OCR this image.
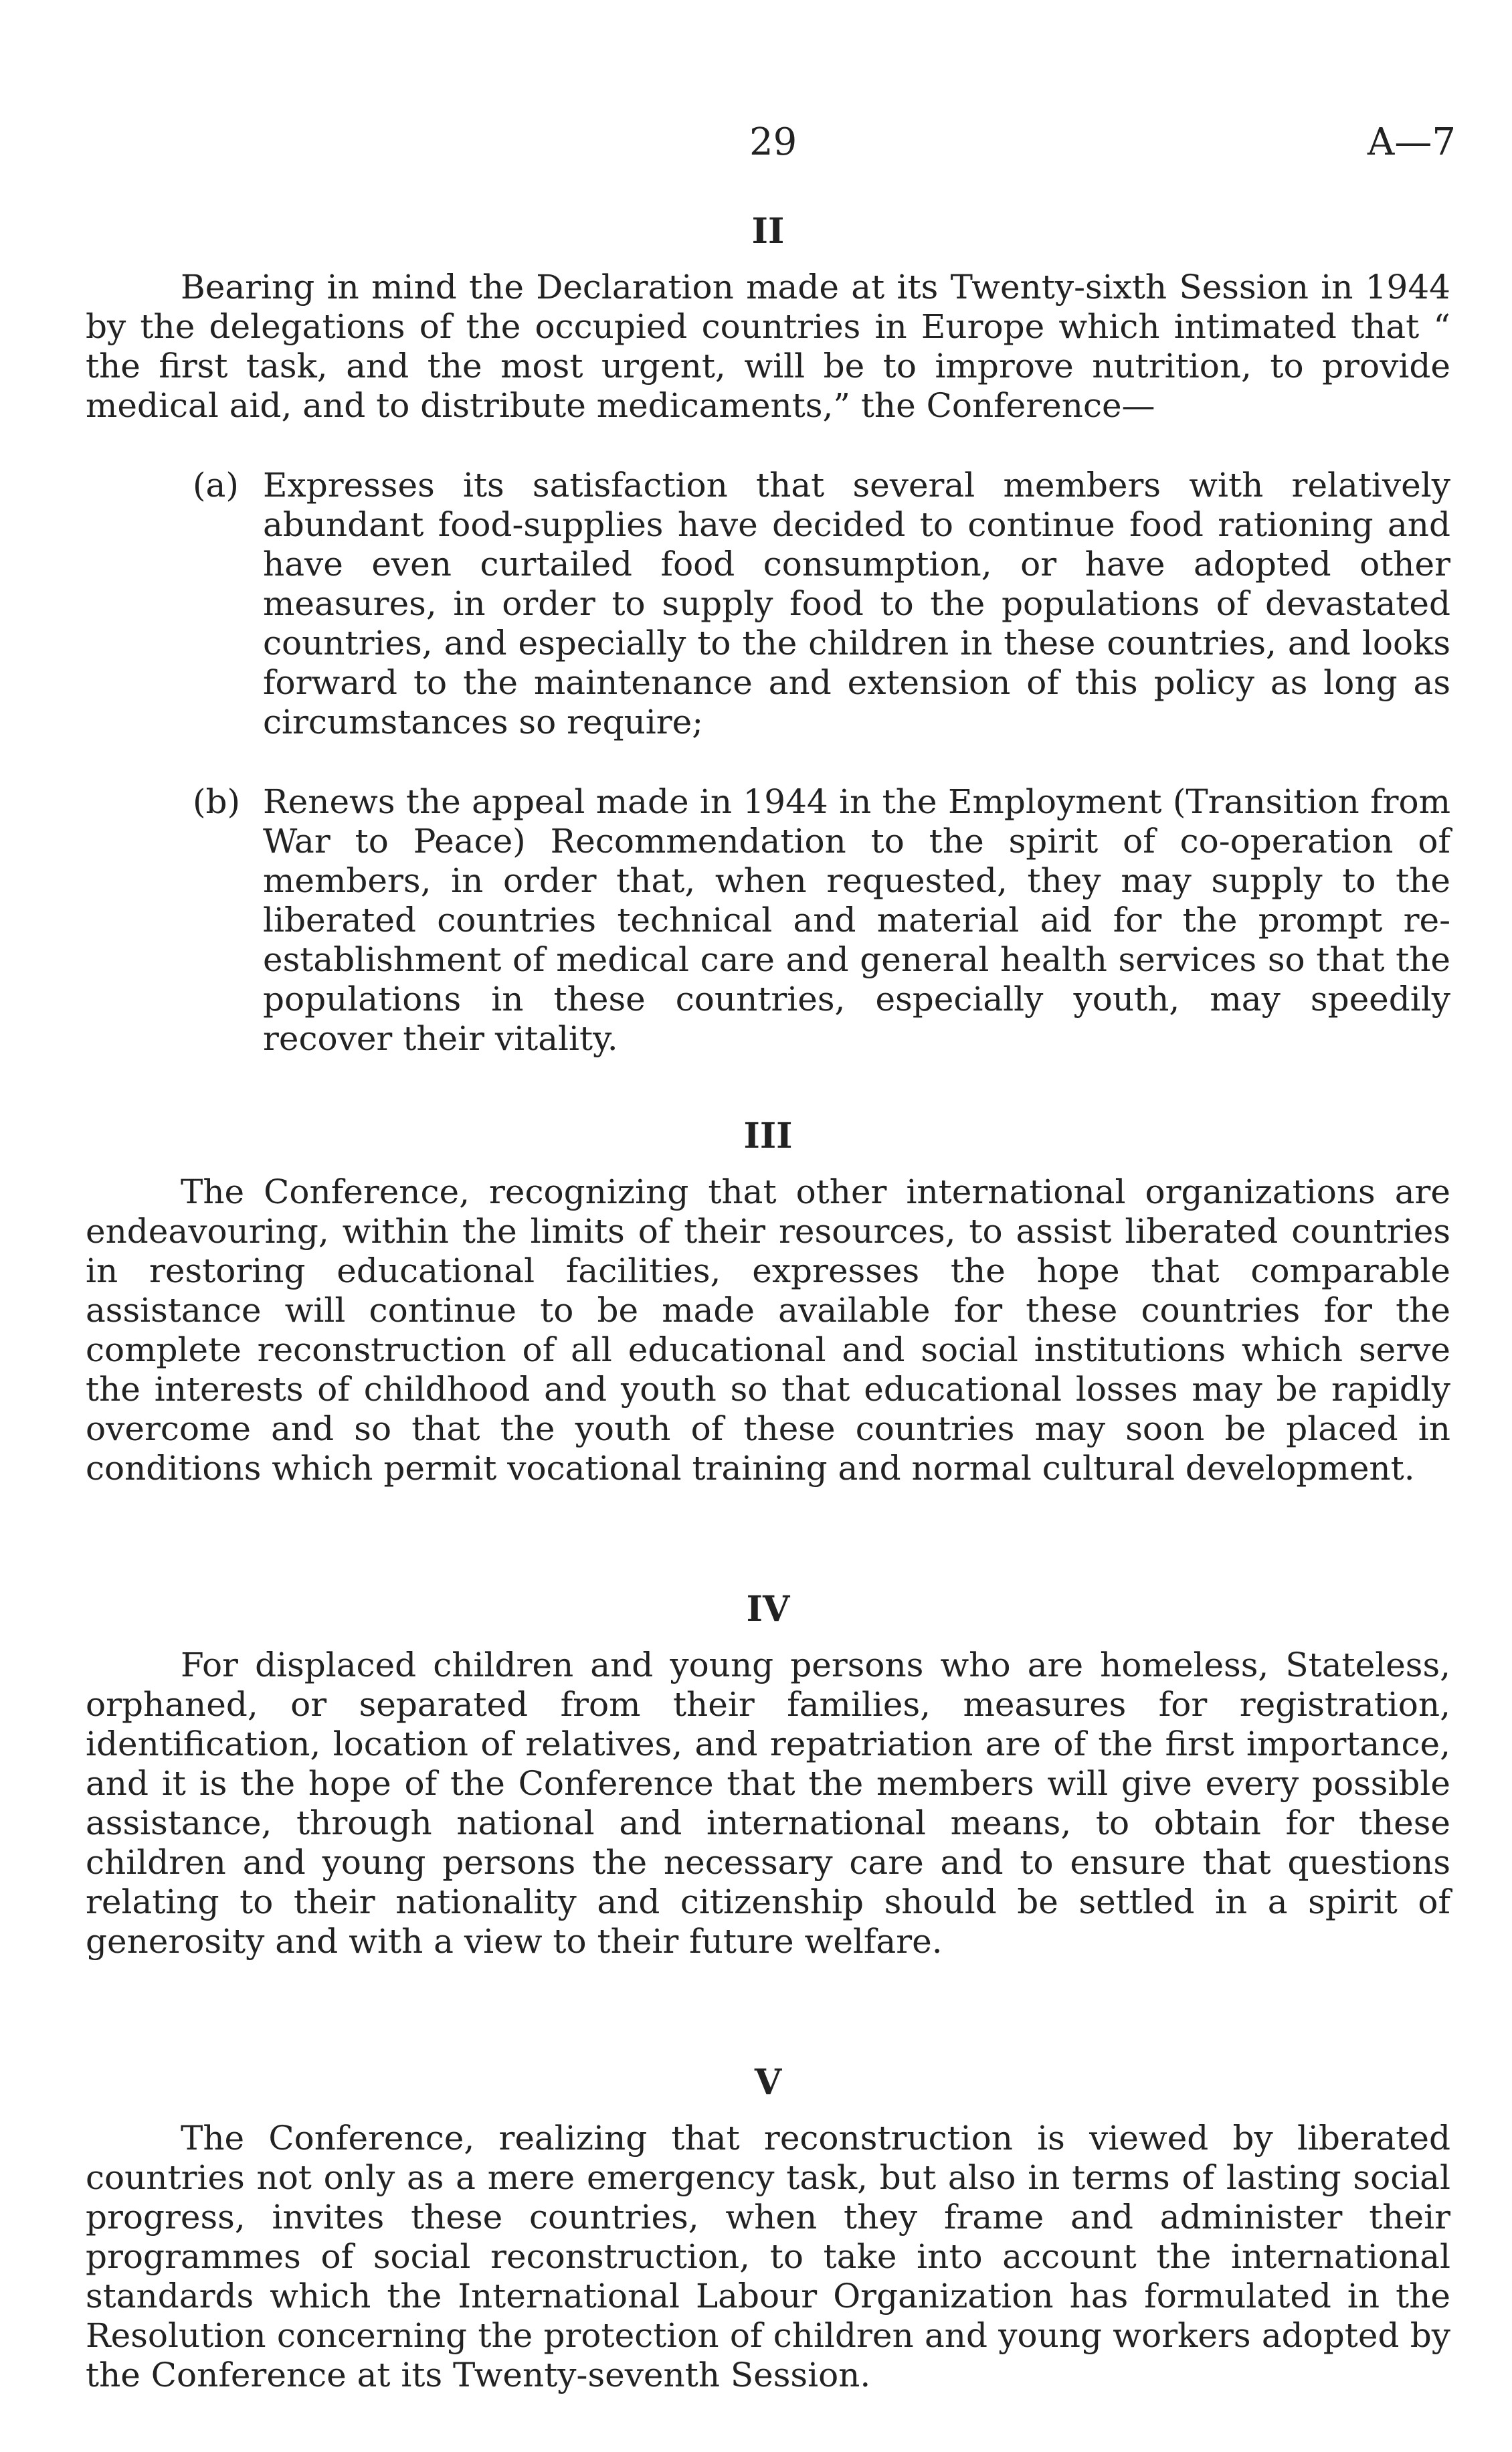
29	A—7
II

Bearing in mind the Declaration made at its Twenty-sixth Session in 1944 by the delegations of the occupied countries in Europe which intimated that “ the first task, and the most urgent, will be to improve nutrition, to provide medical aid, and to distribute medicaments,” the Conference—

(a) Expresses its satisfaction that several members with relatively abundant food-supplies have decided to continue food rationing and have even curtailed food consumption, or have adopted other measures, in order to supply food to the populations of devastated countries, and especially to the children in these countries, and looks forward to the maintenance and extension of this policy as long as circumstances so require;

(b) Renews the appeal made in 1944 in the Employment (Transition from War to Peace) Recommendation to the spirit of co-operation of members, in order that, when requested, they may supply to the liberated countries technical and material aid for the prompt re-establishment of medical care and general health services so that the populations in these countries, especially youth, may speedily recover their vitality.

III

The Conference, recognizing that other international organizations are endeavouring, within the limits of their resources, to assist liberated countries in restoring educational facilities, expresses the hope that comparable assistance will continue to be made available for these countries for the complete reconstruction of all educational and social institutions which serve the interests of childhood and youth so that educational losses may be rapidly overcome and so that the youth of these countries may soon be placed in conditions which permit vocational training and normal cultural development.

IV

For displaced children and young persons who are homeless, Stateless, orphaned, or separated from their families, measures for registration, identification, location of relatives, and repatriation are of the first importance, and it is the hope of the Conference that the members will give every possible assistance, through national and international means, to obtain for these children and young persons the necessary care and to ensure that questions relating to their nationality and citizenship should be settled in a spirit of generosity and with a view to their future welfare.

V

The Conference, realizing that reconstruction is viewed by liberated countries not only as a mere emergency task, but also in terms of lasting social progress, invites these countries, when they frame and administer their programmes of social reconstruction, to take into account the international standards which the International Labour Organization has formulated in the Resolution concerning the protection of children and young workers adopted by the Conference at its Twenty-seventh Session.
